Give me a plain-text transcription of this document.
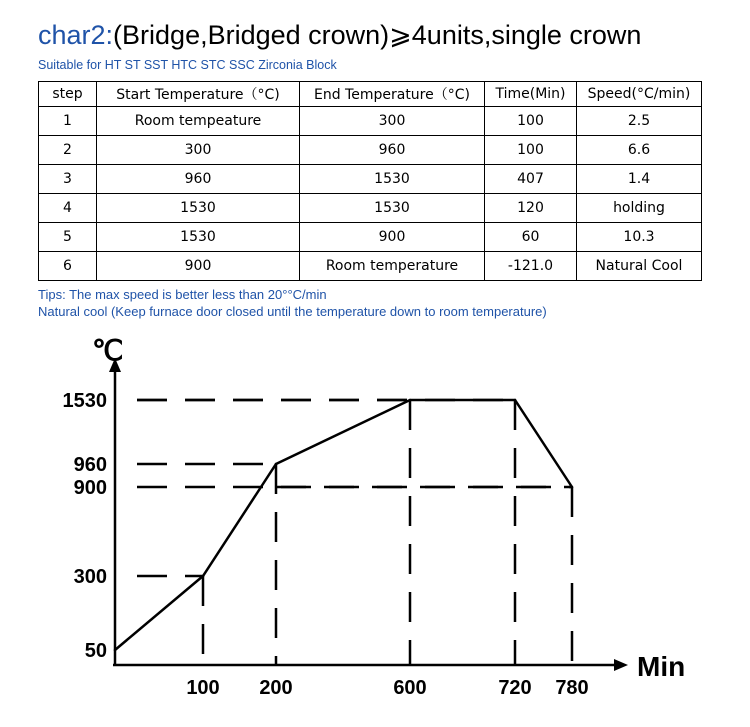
char2:(Bridge,Bridged crown)⩾4units,single crown
Suitable for HT ST SST HTC STC SSC Zirconia Block
step	Start Temperature（°C)	End Temperature（°C)	Time(Min)	Speed(°C/min)
1	Room tempeature	300	100	2.5
2	300	960	100	6.6
3	960	1530	407	1.4
4	1530	1530	120	holding
5	1530	900	60	10.3
6	900	Room temperature	-121.0	Natural Cool
Tips: The max speed is better less than 20°°C/min
Natural cool (Keep furnace door closed until the temperature down to room temperature)
℃
Min
50
300
900
960
1530
100 200	600	720 780
